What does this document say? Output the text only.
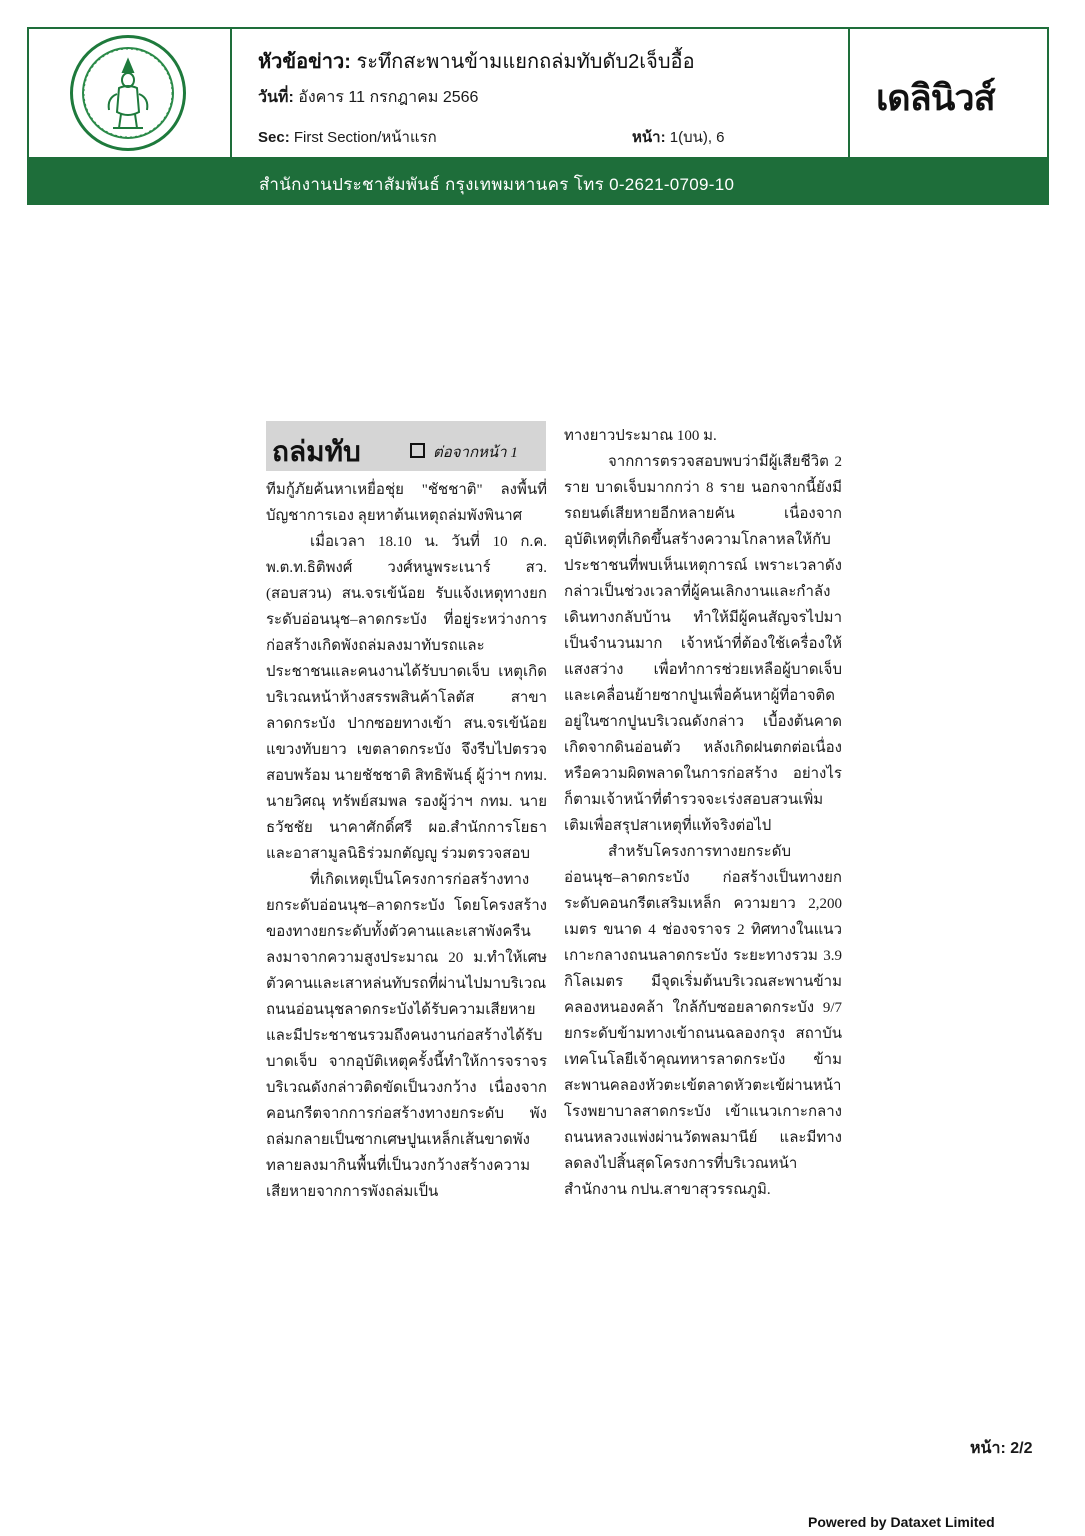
หัวข้อข่าว: ระทึกสะพานข้ามแยกถล่มทับดับ2เจ็บอื้อ
วันที่: อังคาร 11 กรกฎาคม 2566
Sec: First Section/หน้าแรก	หน้า: 1(บน), 6
เดลินิวส์
สำนักงานประชาสัมพันธ์ กรุงเทพมหานคร โทร 0-2621-0709-10
ถล่มทับ	ต่อจากหน้า 1

ทีมกู้ภัยค้นหาเหยื่อชุ่ย "ชัชชาติ" ลงพื้นที่บัญชาการเอง ลุยหาต้นเหตุถล่มพังพินาศ

เมื่อเวลา 18.10 น. วันที่ 10 ก.ค. พ.ต.ท.ธิติพงศ์ วงศ์หนูพระเนาร์ สว.(สอบสวน) สน.จรเข้น้อย รับแจ้งเหตุทางยกระดับอ่อนนุช–ลาดกระบัง ที่อยู่ระหว่างการก่อสร้างเกิดพังถล่มลงมาทับรถและประชาชนและคนงานได้รับบาดเจ็บ เหตุเกิดบริเวณหน้าห้างสรรพสินค้าโลตัส สาขาลาดกระบัง ปากซอยทางเข้า สน.จรเข้น้อย แขวงทับยาว เขตลาดกระบัง จึงรีบไปตรวจสอบพร้อม นายชัชชาติ สิทธิพันธุ์ ผู้ว่าฯ กทม. นายวิศณุ ทรัพย์สมพล รองผู้ว่าฯ กทม. นายธวัชชัย นาคาศักดิ์ศรี ผอ.สำนักการโยธา และอาสามูลนิธิร่วมกตัญญู ร่วมตรวจสอบ

ที่เกิดเหตุเป็นโครงการก่อสร้างทางยกระดับอ่อนนุช–ลาดกระบัง โดยโครงสร้างของทางยกระดับทั้งตัวคานและเสาพังครืนลงมาจากความสูงประมาณ 20 ม.ทำให้เศษตัวคานและเสาหล่นทับรถที่ผ่านไปมาบริเวณถนนอ่อนนุชลาดกระบังได้รับความเสียหายและมีประชาชนรวมถึงคนงานก่อสร้างได้รับบาดเจ็บ จากอุบัติเหตุครั้งนี้ทำให้การจราจรบริเวณดังกล่าวติดขัดเป็นวงกว้าง เนื่องจากคอนกรีตจากการก่อสร้างทางยกระดับ พังถล่มกลายเป็นซากเศษปูนเหล็กเส้นขาดพังทลายลงมากินพื้นที่เป็นวงกว้างสร้างความเสียหายจากการพังถล่มเป็น

ทางยาวประมาณ 100 ม.

จากการตรวจสอบพบว่ามีผู้เสียชีวิต 2 ราย บาดเจ็บมากกว่า 8 ราย นอกจากนี้ยังมีรถยนต์เสียหายอีกหลายคัน เนื่องจากอุบัติเหตุที่เกิดขึ้นสร้างความโกลาหลให้กับประชาชนที่พบเห็นเหตุการณ์ เพราะเวลาดังกล่าวเป็นช่วงเวลาที่ผู้คนเลิกงานและกำลังเดินทางกลับบ้าน ทำให้มีผู้คนสัญจรไปมาเป็นจำนวนมาก เจ้าหน้าที่ต้องใช้เครื่องให้แสงสว่าง เพื่อทำการช่วยเหลือผู้บาดเจ็บและเคลื่อนย้ายซากปูนเพื่อค้นหาผู้ที่อาจติดอยู่ในซากปูนบริเวณดังกล่าว เบื้องต้นคาดเกิดจากดินอ่อนตัว หลังเกิดฝนตกต่อเนื่อง หรือความผิดพลาดในการก่อสร้าง อย่างไรก็ตามเจ้าหน้าที่ตำรวจจะเร่งสอบสวนเพิ่มเติมเพื่อสรุปสาเหตุที่แท้จริงต่อไป

สำหรับโครงการทางยกระดับอ่อนนุช–ลาดกระบัง ก่อสร้างเป็นทางยกระดับคอนกรีตเสริมเหล็ก ความยาว 2,200 เมตร ขนาด 4 ช่องจราจร 2 ทิศทางในแนวเกาะกลางถนนลาดกระบัง ระยะทางรวม 3.9 กิโลเมตร มีจุดเริ่มต้นบริเวณสะพานข้ามคลองหนองคล้า ใกล้กับซอยลาดกระบัง 9/7 ยกระดับข้ามทางเข้าถนนฉลองกรุง สถาบันเทคโนโลยีเจ้าคุณทหารลาดกระบัง ข้ามสะพานคลองหัวตะเข้ตลาดหัวตะเข้ผ่านหน้าโรงพยาบาลสาดกระบัง เข้าแนวเกาะกลางถนนหลวงแพ่งผ่านวัดพลมานีย์ และมีทางลดลงไปสิ้นสุดโครงการที่บริเวณหน้าสำนักงาน กปน.สาขาสุวรรณภูมิ.

หน้า: 2/2
Powered by Dataxet Limited
